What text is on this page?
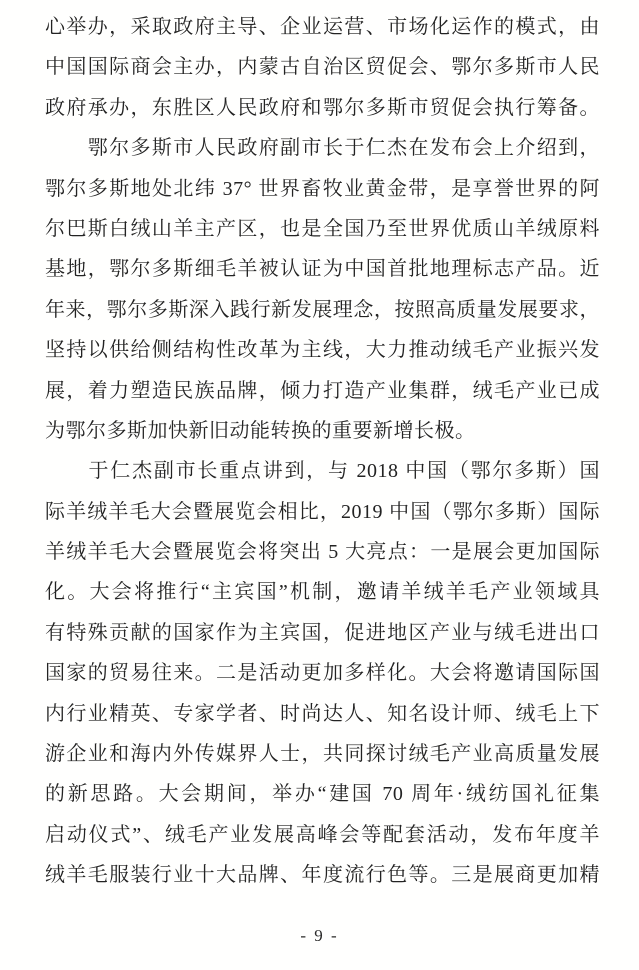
心举办，采取政府主导、企业运营、市场化运作的模式，由
中国国际商会主办，内蒙古自治区贸促会、鄂尔多斯市人民
政府承办，东胜区人民政府和鄂尔多斯市贸促会执行筹备。
　　鄂尔多斯市人民政府副市长于仁杰在发布会上介绍到，
鄂尔多斯地处北纬 37° 世界畜牧业黄金带，是享誉世界的阿
尔巴斯白绒山羊主产区，也是全国乃至世界优质山羊绒原料
基地，鄂尔多斯细毛羊被认证为中国首批地理标志产品。近
年来，鄂尔多斯深入践行新发展理念，按照高质量发展要求，
坚持以供给侧结构性改革为主线，大力推动绒毛产业振兴发
展，着力塑造民族品牌，倾力打造产业集群，绒毛产业已成
为鄂尔多斯加快新旧动能转换的重要新增长极。
　　于仁杰副市长重点讲到，与 2018 中国（鄂尔多斯）国
际羊绒羊毛大会暨展览会相比，2019 中国（鄂尔多斯）国际
羊绒羊毛大会暨展览会将突出 5 大亮点：一是展会更加国际
化。大会将推行“主宾国”机制，邀请羊绒羊毛产业领域具
有特殊贡献的国家作为主宾国，促进地区产业与绒毛进出口
国家的贸易往来。二是活动更加多样化。大会将邀请国际国
内行业精英、专家学者、时尚达人、知名设计师、绒毛上下
游企业和海内外传媒界人士，共同探讨绒毛产业高质量发展
的新思路。大会期间，举办“建国 70 周年·绒纺国礼征集
启动仪式”、绒毛产业发展高峰会等配套活动，发布年度羊
绒羊毛服装行业十大品牌、年度流行色等。三是展商更加精
- 9 -
